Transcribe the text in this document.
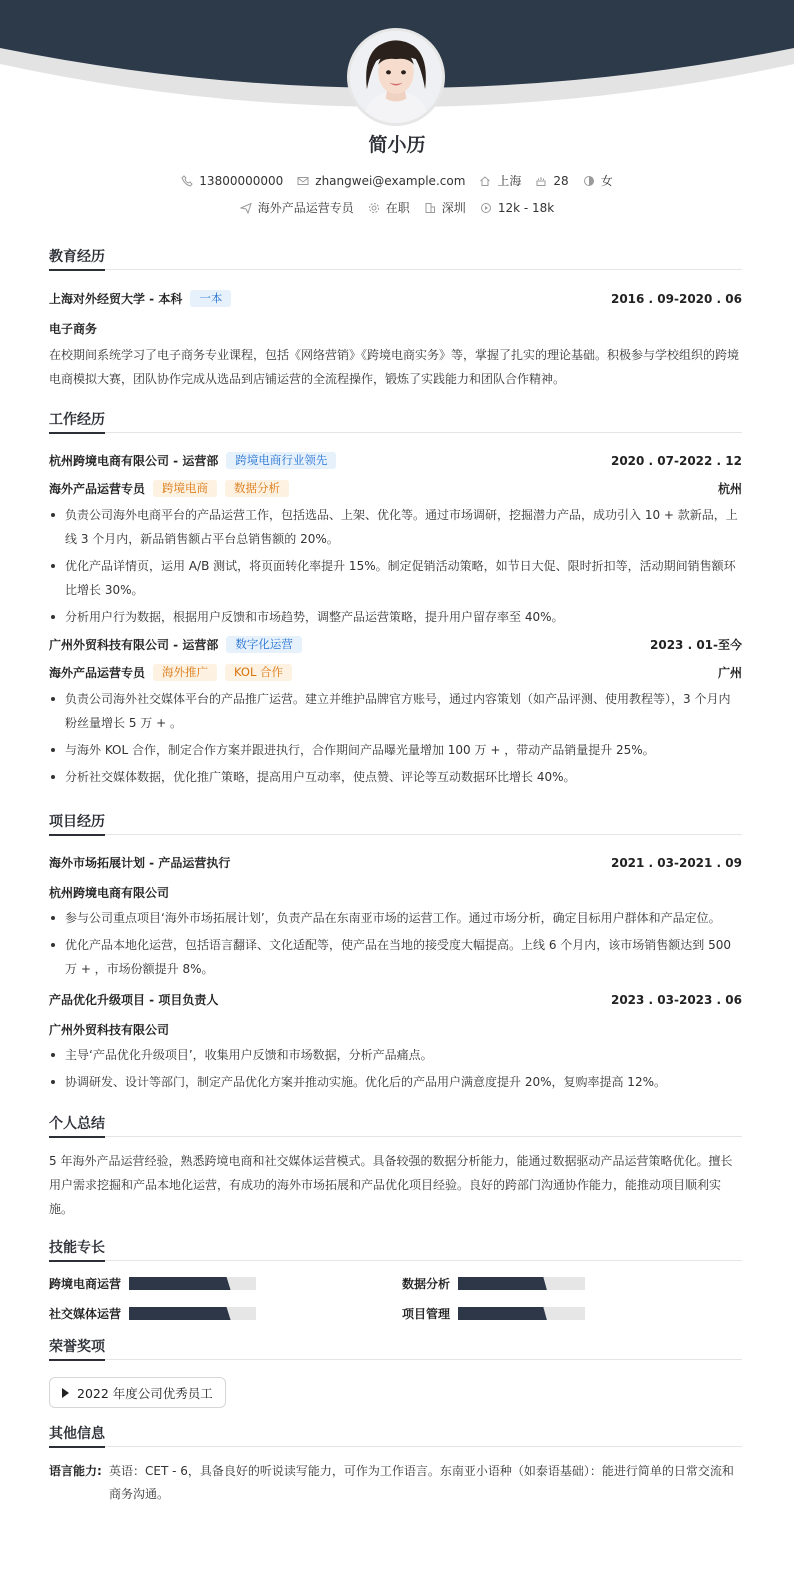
简小历
13800000000	zhangwei@example.com	上海	28	女
海外产品运营专员	在职	深圳	12k - 18k
教育经历
上海对外经贸大学 - 本科	一本	2016 . 09-2020 . 06
电子商务
在校期间系统学习了电子商务专业课程，包括《网络营销》《跨境电商实务》等，掌握了扎实的理论基础。积极参与学校组织的跨境电商模拟大赛，团队协作完成从选品到店铺运营的全流程操作，锻炼了实践能力和团队合作精神。
工作经历
杭州跨境电商有限公司 - 运营部	跨境电商行业领先	2020 . 07-2022 . 12
海外产品运营专员	跨境电商	数据分析	杭州
负责公司海外电商平台的产品运营工作，包括选品、上架、优化等。通过市场调研，挖掘潜力产品，成功引入 10 + 款新品，上线 3 个月内，新品销售额占平台总销售额的 20%。
优化产品详情页，运用 A/B 测试，将页面转化率提升 15%。制定促销活动策略，如节日大促、限时折扣等，活动期间销售额环比增长 30%。
分析用户行为数据，根据用户反馈和市场趋势，调整产品运营策略，提升用户留存率至 40%。
广州外贸科技有限公司 - 运营部	数字化运营	2023 . 01-至今
海外产品运营专员	海外推广	KOL 合作	广州
负责公司海外社交媒体平台的产品推广运营。建立并维护品牌官方账号，通过内容策划（如产品评测、使用教程等），3 个月内粉丝量增长 5 万 + 。
与海外 KOL 合作，制定合作方案并跟进执行，合作期间产品曝光量增加 100 万 + ，带动产品销量提升 25%。
分析社交媒体数据，优化推广策略，提高用户互动率，使点赞、评论等互动数据环比增长 40%。
项目经历
海外市场拓展计划 - 产品运营执行	2021 . 03-2021 . 09
杭州跨境电商有限公司
参与公司重点项目‘海外市场拓展计划’，负责产品在东南亚市场的运营工作。通过市场分析，确定目标用户群体和产品定位。
优化产品本地化运营，包括语言翻译、文化适配等，使产品在当地的接受度大幅提高。上线 6 个月内，该市场销售额达到 500 万 + ，市场份额提升 8%。
产品优化升级项目 - 项目负责人	2023 . 03-2023 . 06
广州外贸科技有限公司
主导‘产品优化升级项目’，收集用户反馈和市场数据，分析产品痛点。
协调研发、设计等部门，制定产品优化方案并推动实施。优化后的产品用户满意度提升 20%，复购率提高 12%。
个人总结
5 年海外产品运营经验，熟悉跨境电商和社交媒体运营模式。具备较强的数据分析能力，能通过数据驱动产品运营策略优化。擅长用户需求挖掘和产品本地化运营，有成功的海外市场拓展和产品优化项目经验。良好的跨部门沟通协作能力，能推动项目顺利实施。
技能专长
跨境电商运营	数据分析
社交媒体运营	项目管理
荣誉奖项
2022 年度公司优秀员工
其他信息
语言能力: 英语：CET - 6，具备良好的听说读写能力，可作为工作语言。东南亚小语种（如泰语基础）：能进行简单的日常交流和商务沟通。
